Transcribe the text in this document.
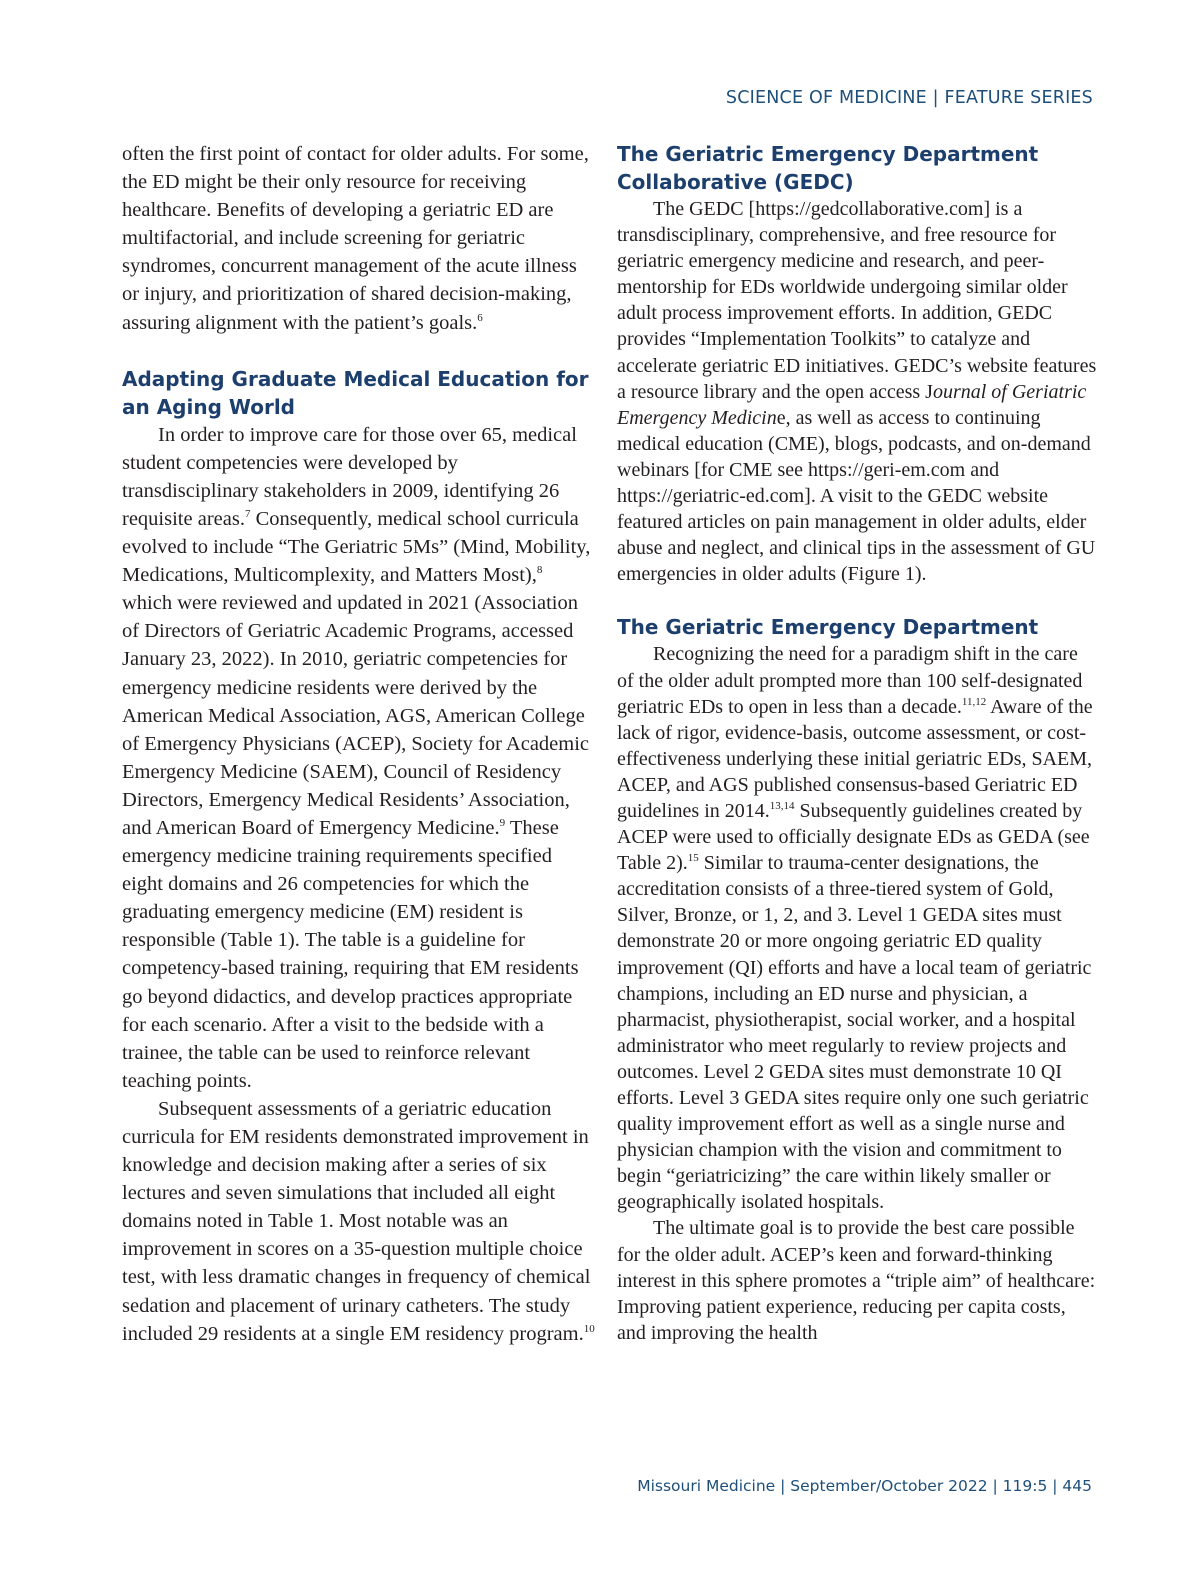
SCIENCE OF MEDICINE | FEATURE SERIES

often the first point of contact for older adults. For some, the ED might be their only resource for receiving healthcare. Benefits of developing a geriatric ED are multifactorial, and include screening for geriatric syndromes, concurrent management of the acute illness or injury, and prioritization of shared decision-making, assuring alignment with the patient’s goals.$^6$

Adapting Graduate Medical Education for an Aging World

In order to improve care for those over 65, medical student competencies were developed by transdisciplinary stakeholders in 2009, identifying 26 requisite areas.$^7$ Consequently, medical school curricula evolved to include “The Geriatric 5Ms” (Mind, Mobility, Medications, Multicomplexity, and Matters Most),$^8$ which were reviewed and updated in 2021 (Association of Directors of Geriatric Academic Programs, accessed January 23, 2022). In 2010, geriatric competencies for emergency medicine residents were derived by the American Medical Association, AGS, American College of Emergency Physicians (ACEP), Society for Academic Emergency Medicine (SAEM), Council of Residency Directors, Emergency Medical Residents’ Association, and American Board of Emergency Medicine.$^9$ These emergency medicine training requirements specified eight domains and 26 competencies for which the graduating emergency medicine (EM) resident is responsible (Table 1). The table is a guideline for competency-based training, requiring that EM residents go beyond didactics, and develop practices appropriate for each scenario. After a visit to the bedside with a trainee, the table can be used to reinforce relevant teaching points.

Subsequent assessments of a geriatric education curricula for EM residents demonstrated improvement in knowledge and decision making after a series of six lectures and seven simulations that included all eight domains noted in Table 1. Most notable was an improvement in scores on a 35-question multiple choice test, with less dramatic changes in frequency of chemical sedation and placement of urinary catheters. The study included 29 residents at a single EM residency program.$^{10}$

The Geriatric Emergency Department Collaborative (GEDC)

The GEDC [https://gedcollaborative.com] is a transdisciplinary, comprehensive, and free resource for geriatric emergency medicine and research, and peer-mentorship for EDs worldwide undergoing similar older adult process improvement efforts. In addition, GEDC provides “Implementation Toolkits” to catalyze and accelerate geriatric ED initiatives. GEDC’s website features a resource library and the open access Journal of Geriatric Emergency Medicine, as well as access to continuing medical education (CME), blogs, podcasts, and on-demand webinars [for CME see https://geri-em.com and https://geriatric-ed.com]. A visit to the GEDC website featured articles on pain management in older adults, elder abuse and neglect, and clinical tips in the assessment of GU emergencies in older adults (Figure 1).

The Geriatric Emergency Department

Recognizing the need for a paradigm shift in the care of the older adult prompted more than 100 self-designated geriatric EDs to open in less than a decade.$^{11,12}$ Aware of the lack of rigor, evidence-basis, outcome assessment, or cost-effectiveness underlying these initial geriatric EDs, SAEM, ACEP, and AGS published consensus-based Geriatric ED guidelines in 2014.$^{13,14}$ Subsequently guidelines created by ACEP were used to officially designate EDs as GEDA (see Table 2).$^{15}$ Similar to trauma-center designations, the accreditation consists of a three-tiered system of Gold, Silver, Bronze, or 1, 2, and 3. Level 1 GEDA sites must demonstrate 20 or more ongoing geriatric ED quality improvement (QI) efforts and have a local team of geriatric champions, including an ED nurse and physician, a pharmacist, physiotherapist, social worker, and a hospital administrator who meet regularly to review projects and outcomes. Level 2 GEDA sites must demonstrate 10 QI efforts. Level 3 GEDA sites require only one such geriatric quality improvement effort as well as a single nurse and physician champion with the vision and commitment to begin “geriatricizing” the care within likely smaller or geographically isolated hospitals.

The ultimate goal is to provide the best care possible for the older adult. ACEP’s keen and forward-thinking interest in this sphere promotes a “triple aim” of healthcare: Improving patient experience, reducing per capita costs, and improving the health

Missouri Medicine | September/October 2022 | 119:5 | 445
